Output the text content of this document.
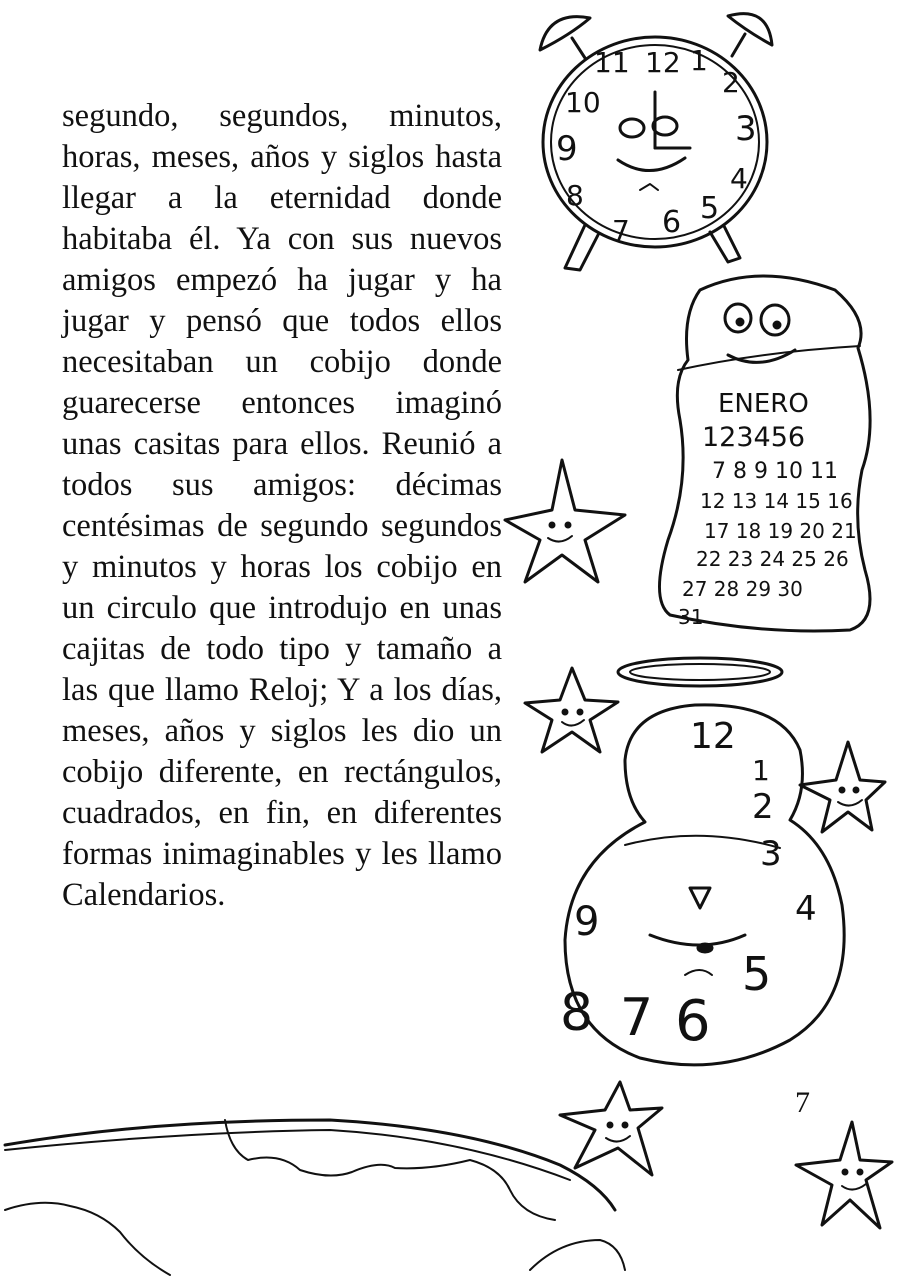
segundo, segundos, minutos, horas, meses, años y siglos hasta llegar a la eternidad donde habitaba él. Ya con sus nuevos amigos empezó ha jugar y ha jugar y pensó que todos ellos necesitaban un cobijo donde guarecerse entonces imaginó unas casitas para ellos. Reunió a todos sus amigos: décimas centésimas de segundo segundos y minutos y horas los cobijo en un circulo que introdujo en unas cajitas de todo tipo y tamaño a las que llamo Reloj; Y a los días, meses, años y siglos les dio un cobijo diferente, en rectángulos, cuadrados, en fin, en diferentes formas inimaginables y les llamo Calendarios.

7
11 12 1
2
10
3
9
4
8
7 6 5
ENERO
123456
7 8 9 10 11
12 13 14 15 16
17 18 19 20 21
22 23 24 25 26
27 28 29 30
31
12
1
2
3
4
9
8 7 6
5
